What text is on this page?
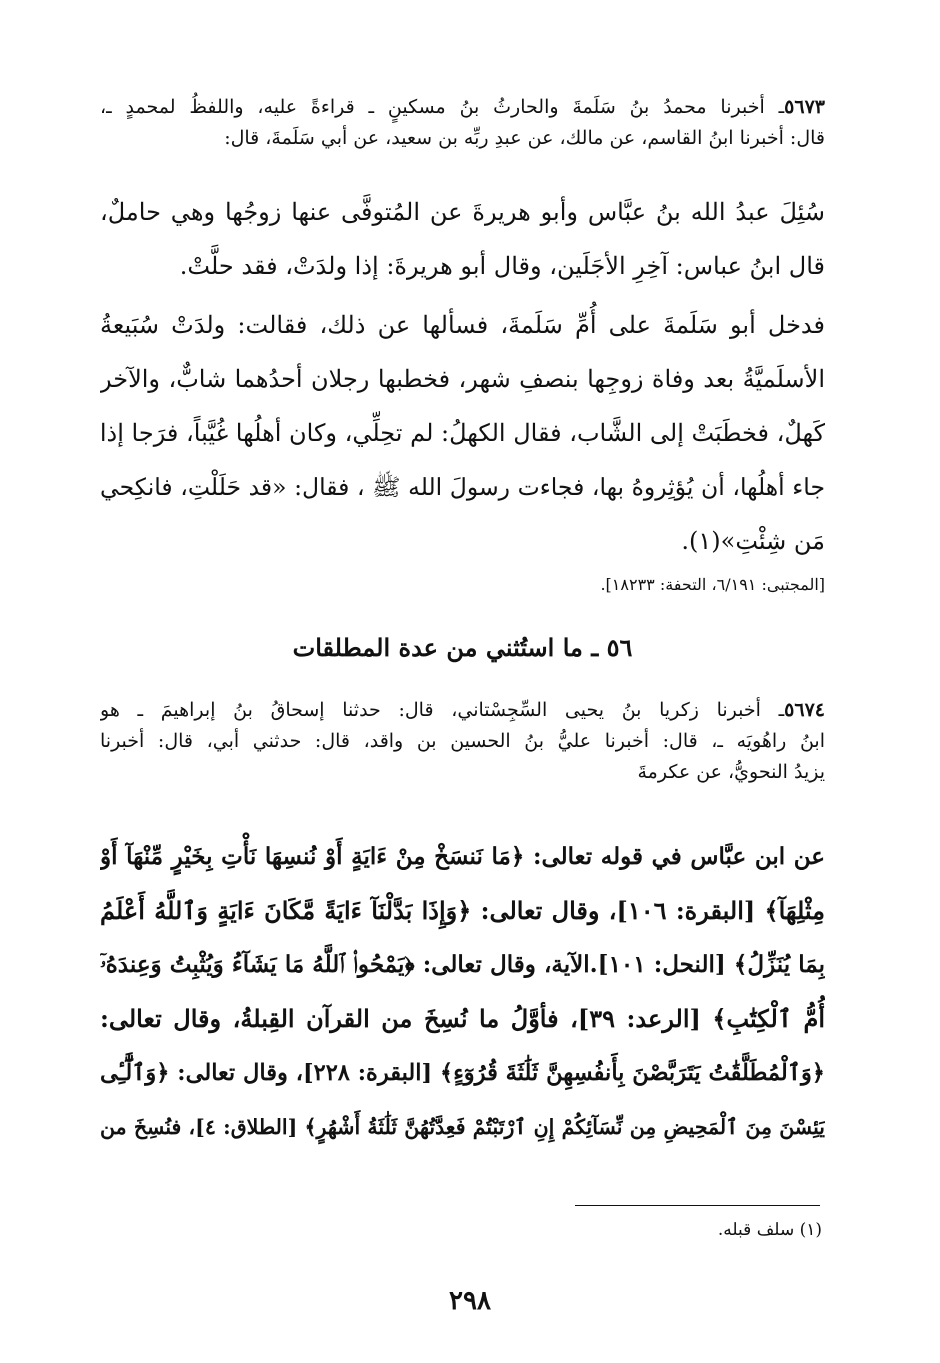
٥٦٧٣ـ أخبرنا محمدُ بنُ سَلَمةَ والحارثُ بنُ مسكينٍ ـ قراءةً عليه، واللفظُ لمحمدٍ ـ،
قال: أخبرنا ابنُ القاسم، عن مالك، عن عبدِ ربِّه بن سعيد، عن أبي سَلَمةَ، قال:
سُئِلَ عبدُ الله بنُ عبَّاس وأبو هريرةَ عن المُتوفَّى عنها زوجُها وهي حاملٌ،
قال ابنُ عباس: آخِرِ الأجَلَين، وقال أبو هريرةَ: إذا ولدَتْ، فقد حلَّتْ.
فدخل أبو سَلَمةَ على أُمِّ سَلَمةَ، فسألها عن ذلك، فقالت: ولدَتْ سُبَيعةُ
الأسلَميَّةُ بعد وفاة زوجِها بنصفِ شهر، فخطبها رجلان أحدُهما شابٌّ، والآخر
كَهلٌ، فخطَبَتْ إلى الشَّاب، فقال الكهلُ: لم تحِلِّي، وكان أهلُها غُيَّباً، فرَجا إذا
جاء أهلُها، أن يُؤثِروهُ بها، فجاءت رسولَ الله ﷺ ، فقال: «قد حَلَلْتِ، فانكِحي
مَن شِئْتِ»(١).
[المجتبى: ٦/١٩١، التحفة: ١٨٢٣٣].
٥٦ ـ ما استُثني من عدة المطلقات
٥٦٧٤ـ أخبرنا زكريا بنُ يحيى السِّجِسْتاني، قال: حدثنا إسحاقُ بنُ إبراهيمَ ـ هو
ابنُ راهُويَه ـ، قال: أخبرنا عليُّ بنُ الحسين بن واقد، قال: حدثني أبي، قال: أخبرنا
يزيدُ النحويُّ، عن عكرمةَ
عن ابن عبَّاس في قوله تعالى: ﴿مَا نَنسَخْ مِنْ ءَايَةٍ أَوْ نُنسِهَا نَأْتِ بِخَيْرٍ مِّنْهَآ أَوْ
مِثْلِهَآ﴾ [البقرة: ١٠٦]، وقال تعالى: ﴿وَإِذَا بَدَّلْنَآ ءَايَةً مَّكَانَ ءَايَةٍ وَٱللَّهُ أَعْلَمُ
بِمَا يُنَزِّلُ﴾ [النحل: ١٠١].الآية، وقال تعالى: ﴿يَمْحُوا۟ ٱللَّهُ مَا يَشَآءُ وَيُثْبِتُ وَعِندَهُۥٓ
أُمُّ ٱلْكِتَٰبِ﴾ [الرعد: ٣٩]، فأوَّلُ ما نُسِخَ من القرآن القِبلةُ، وقال تعالى:
﴿وَٱلْمُطَلَّقَٰتُ يَتَرَبَّصْنَ بِأَنفُسِهِنَّ ثَلَٰثَةَ قُرُوٓءٍ﴾ [البقرة: ٢٢٨]، وقال تعالى: ﴿وَٱلَّٰٓـِٔى
يَئِسْنَ مِنَ ٱلْمَحِيضِ مِن نِّسَآئِكُمْ إِنِ ٱرْتَبْتُمْ فَعِدَّتُهُنَّ ثَلَٰثَةُ أَشْهُرٍ﴾ [الطلاق: ٤]، فنُسِخَ من
(١) سلف قبله.
٢٩٨
